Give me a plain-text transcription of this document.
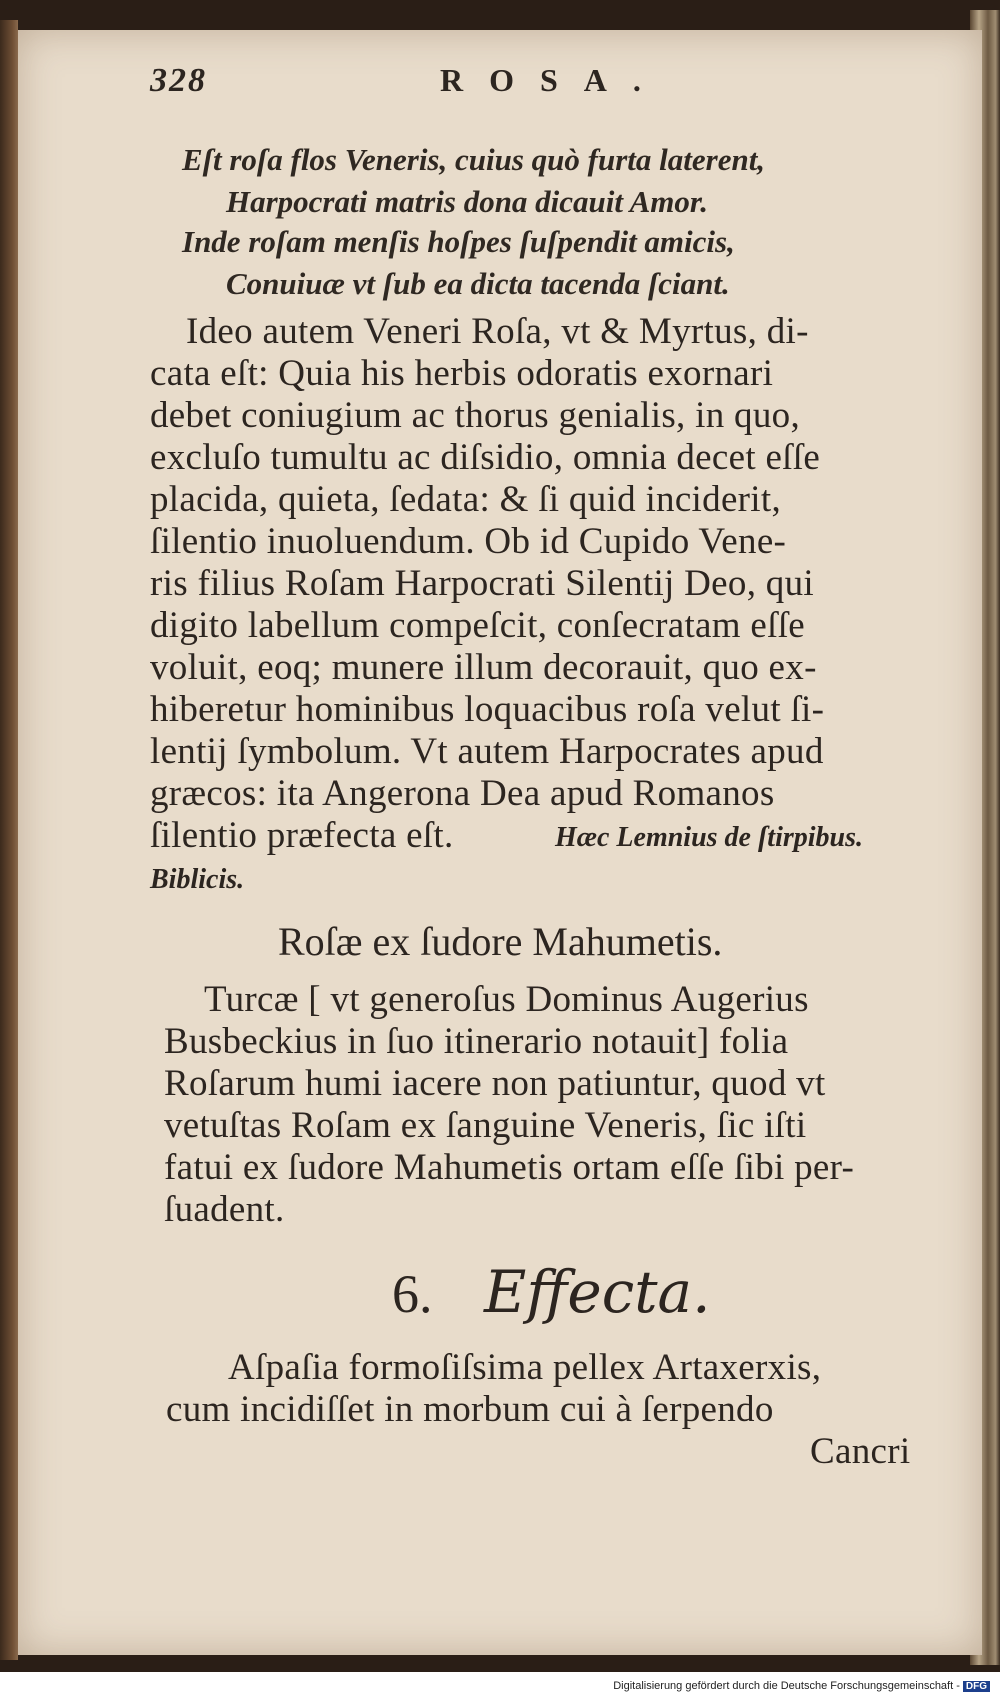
328	ROSA.
Eſt roſa flos Veneris, cuius quò furta laterent,
Harpocrati matris dona dicauit Amor.
Inde roſam menſis hoſpes ſuſpendit amicis,
Conuiuæ vt ſub ea dicta tacenda ſciant.
Ideo autem Veneri Roſa, vt & Myrtus, di-
cata eſt: Quia his herbis odoratis exornari
debet coniugium ac thorus genialis, in quo,
excluſo tumultu ac diſsidio, omnia decet eſſe
placida, quieta, ſedata: & ſi quid inciderit,
ſilentio inuoluendum. Ob id Cupido Vene-
ris filius Roſam Harpocrati Silentij Deo, qui
digito labellum compeſcit, conſecratam eſſe
voluit, eoq; munere illum decorauit, quo ex-
hiberetur hominibus loquacibus roſa velut ſi-
lentij ſymbolum. Vt autem Harpocrates apud
græcos: ita Angerona Dea apud Romanos
ſilentio præfecta eſt.	Hæc Lemnius de ſtirpibus.
Biblicis.
Roſæ ex ſudore Mahumetis.
Turcæ [ vt generoſus Dominus Augerius
Busbeckius in ſuo itinerario notauit] folia
Roſarum humi iacere non patiuntur, quod vt
vetuſtas Roſam ex ſanguine Veneris, ſic iſti
fatui ex ſudore Mahumetis ortam eſſe ſibi per-
ſuadent.
6. Effecta.
Aſpaſia formoſiſsima pellex Artaxerxis,
cum incidiſſet in morbum cui à ſerpendo
Cancri
Digitalisierung gefördert durch die Deutsche Forschungsgemeinschaft - DFG
